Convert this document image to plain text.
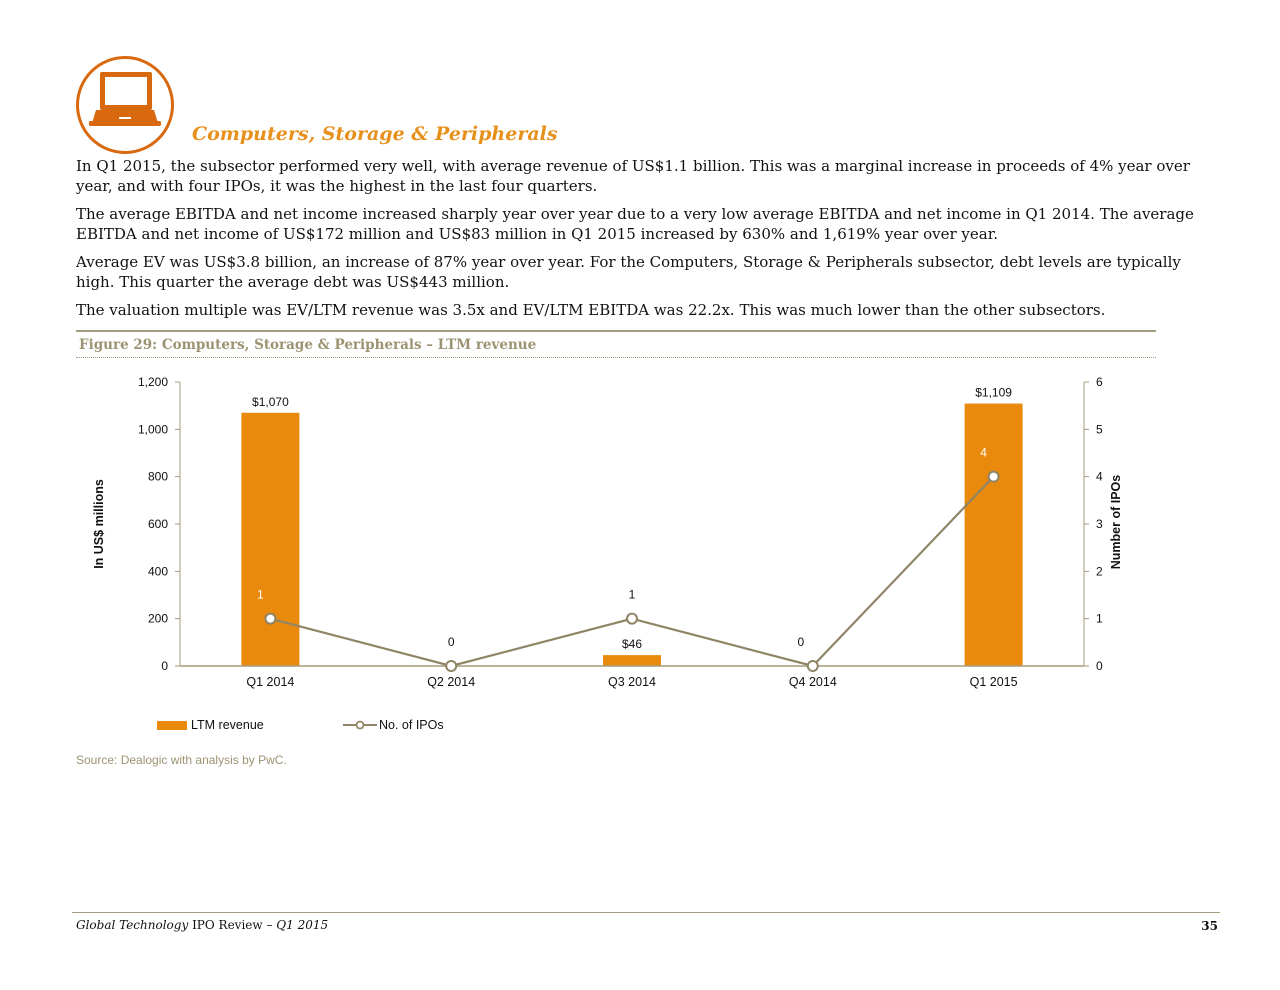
Computers, Storage & Peripherals

In Q1 2015, the subsector performed very well, with average revenue of US$1.1 billion. This was a marginal increase in proceeds of 4% year over year, and with four IPOs, it was the highest in the last four quarters.

The average EBITDA and net income increased sharply year over year due to a very low average EBITDA and net income in Q1 2014. The average EBITDA and net income of US$172 million and US$83 million in Q1 2015 increased by 630% and 1,619% year over year.

Average EV was US$3.8 billion, an increase of 87% year over year. For the Computers, Storage & Peripherals subsector, debt levels are typically high. This quarter the average debt was US$443 million.

The valuation multiple was EV/LTM revenue was 3.5x and EV/LTM EBITDA was 22.2x. This was much lower than the other subsectors.

Figure 29: Computers, Storage & Peripherals – LTM revenue

0
200
400
600
800
1,000
1,200
0
1
2
3
4
5
6
In US$ millions	Number of IPOs
$1,070
$46
$1,109
Q1 2014	Q2 2014	Q3 2014	Q4 2014	Q1 2015
1
0
1
0
4
LTM revenue	No. of IPOs
Source: Dealogic with analysis by PwC.
Global Technology IPO Review – Q1 2015	35
